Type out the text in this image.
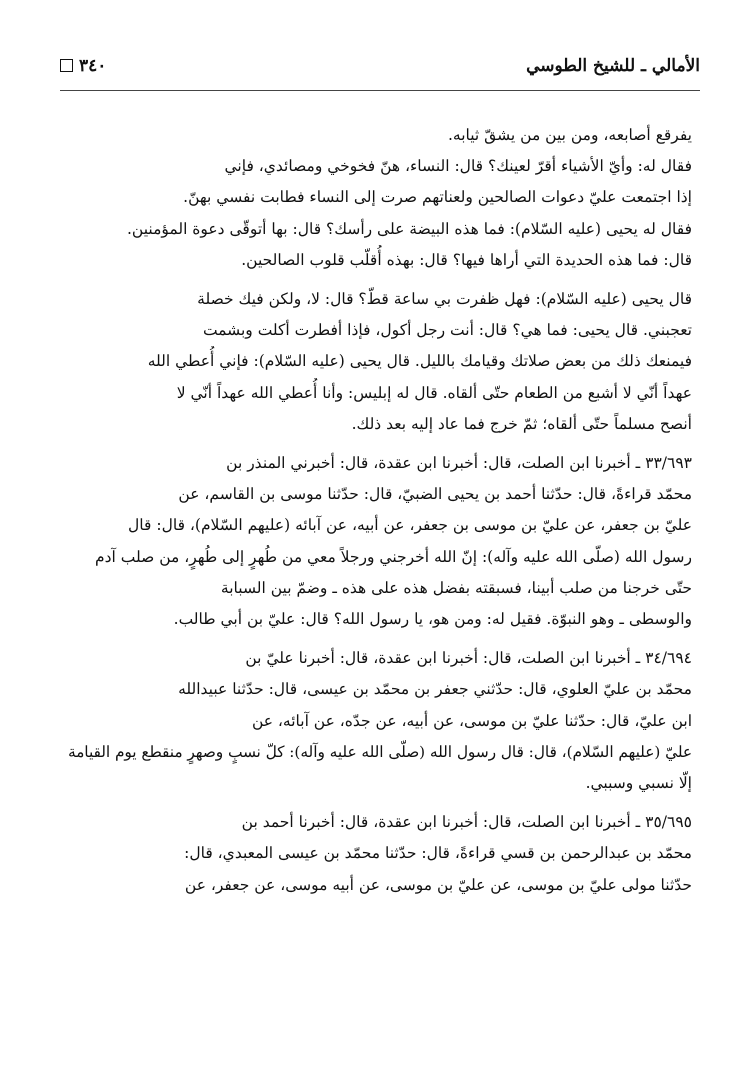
الأمالي ـ للشيخ الطوسي
٣٤٠
يفرقع أصابعه، ومن بين من يشقّ ثيابه.
فقال له: وأيّ الأشياء أقرّ لعينك؟ قال: النساء، هنّ فخوخي ومصائدي، فإني
إذا اجتمعت عليّ دعوات الصالحين ولعناتهم صرت إلى النساء فطابت نفسي بهنّ.
فقال له يحيى (عليه السّلام): فما هذه البيضة على رأسك؟ قال: بها أتوقّى دعوة المؤمنين.
قال: فما هذه الحديدة التي أراها فيها؟ قال: بهذه أُقلّب قلوب الصالحين.
قال يحيى (عليه السّلام): فهل ظفرت بي ساعة قطّ؟ قال: لا، ولكن فيك خصلة
تعجبني. قال يحيى: فما هي؟ قال: أنت رجل أكول، فإذا أفطرت أكلت وبشمت
فيمنعك ذلك من بعض صلاتك وقيامك بالليل. قال يحيى (عليه السّلام): فإني أُعطي الله
عهداً أنّي لا أشبع من الطعام حتّى ألقاه. قال له إبليس: وأنا أُعطي الله عهداً أنّي لا
أنصح مسلماً حتّى ألقاه؛ ثمّ خرج فما عاد إليه بعد ذلك.
٣٣/٦٩٣ ـ أخبرنا ابن الصلت، قال: أخبرنا ابن عقدة، قال: أخبرني المنذر بن
محمّد قراءةً، قال: حدّثنا أحمد بن يحيى الضبيّ، قال: حدّثنا موسى بن القاسم، عن
عليّ بن جعفر، عن عليّ بن موسى بن جعفر، عن أبيه، عن آبائه (عليهم السّلام)، قال: قال
رسول الله (صلّى الله عليه وآله): إنّ الله أخرجني ورجلاً معي من طُهرٍ إلى طُهرٍ، من صلب آدم
حتّى خرجنا من صلب أبينا، فسبقته بفضل هذه على هذه ـ وضمّ بين السبابة
والوسطى ـ وهو النبوّة. فقيل له: ومن هو، يا رسول الله؟ قال: عليّ بن أبي طالب.
٣٤/٦٩٤ ـ أخبرنا ابن الصلت، قال: أخبرنا ابن عقدة، قال: أخبرنا عليّ بن
محمّد بن عليّ العلوي، قال: حدّثني جعفر بن محمّد بن عيسى، قال: حدّثنا عبيدالله
ابن عليّ، قال: حدّثنا عليّ بن موسى، عن أبيه، عن جدّه، عن آبائه، عن
عليّ (عليهم السّلام)، قال: قال رسول الله (صلّى الله عليه وآله): كلّ نسبٍ وصهرٍ منقطع يوم القيامة
إلّا نسبي وسببي.
٣٥/٦٩٥ ـ أخبرنا ابن الصلت، قال: أخبرنا ابن عقدة، قال: أخبرنا أحمد بن
محمّد بن عبدالرحمن بن قسي قراءةً، قال: حدّثنا محمّد بن عيسى المعبدي، قال:
حدّثنا مولى عليّ بن موسى، عن عليّ بن موسى، عن أبيه موسى، عن جعفر، عن
